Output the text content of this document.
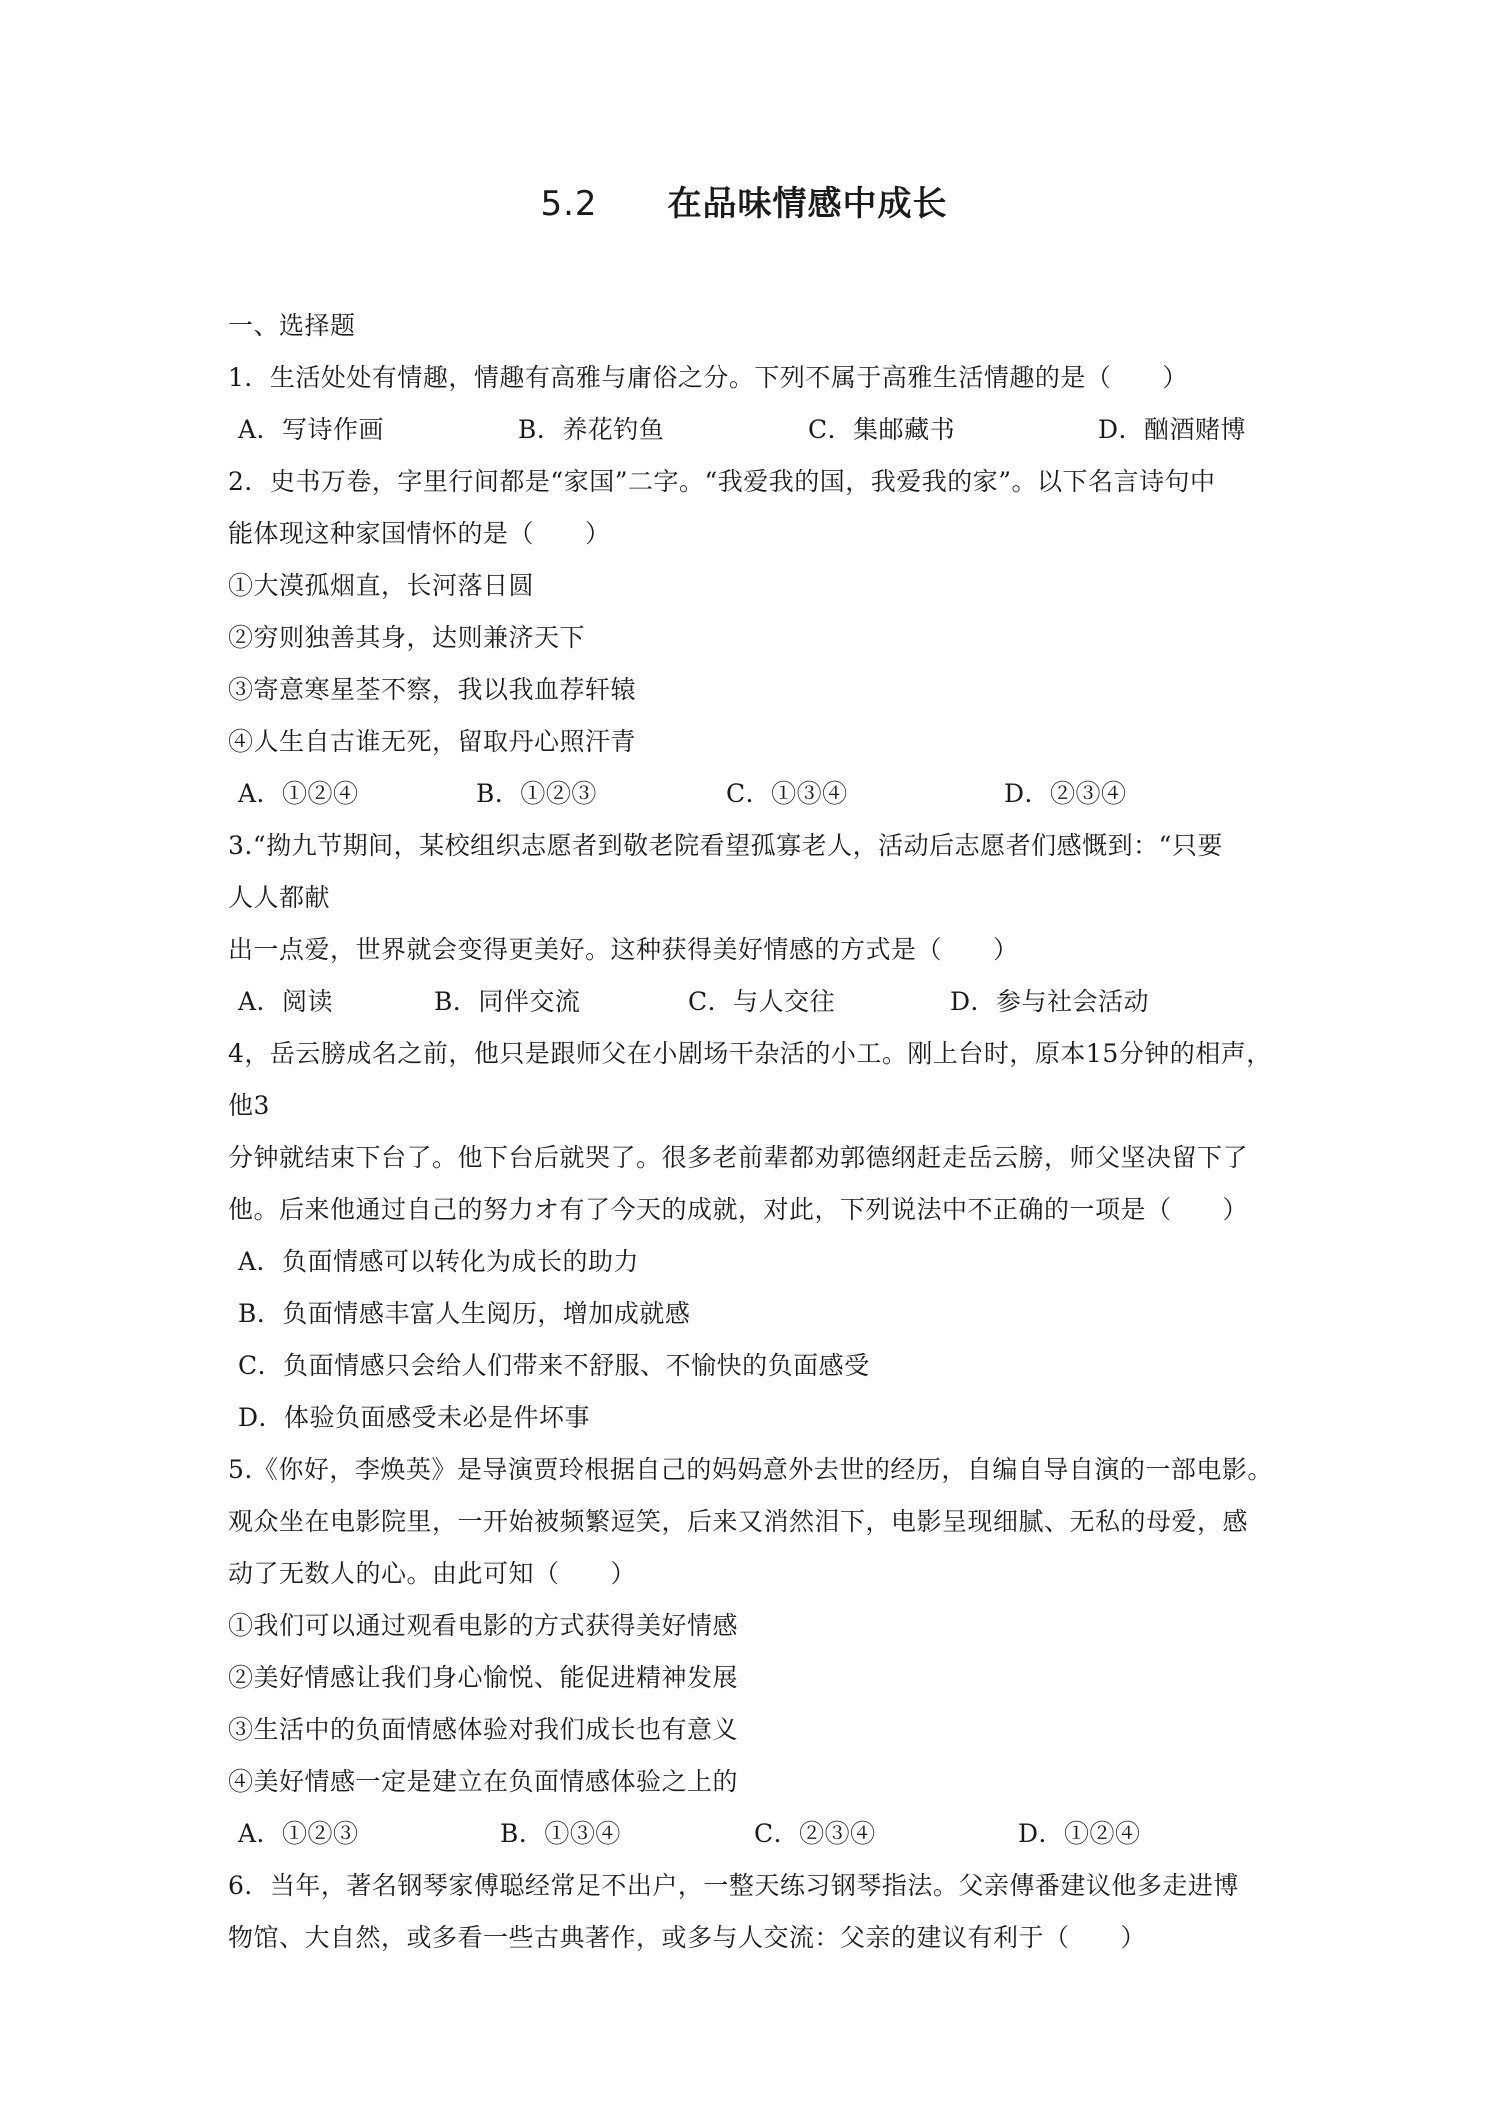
5.2 在品味情感中成长
一、选择题
1．生活处处有情趣，情趣有高雅与庸俗之分。下列不属于高雅生活情趣的是（　　）
A．写诗作画	B．养花钓鱼	C．集邮藏书	D．酗酒赌博
2．史书万卷，字里行间都是“家国”二字。“我爱我的国，我爱我的家”。以下名言诗句中
能体现这种家国情怀的是（　　）
①大漠孤烟直，长河落日圆
②穷则独善其身，达则兼济天下
③寄意寒星荃不察，我以我血荐轩辕
④人生自古谁无死，留取丹心照汗青
A．①②④	B．①②③	C．①③④	D．②③④
3.“拗九节期间，某校组织志愿者到敬老院看望孤寡老人，活动后志愿者们感慨到：“只要
人人都献
出一点爱，世界就会变得更美好。这种获得美好情感的方式是（　　）
A．阅读	B．同伴交流	C．与人交往	D．参与社会活动
4，岳云膀成名之前，他只是跟师父在小剧场干杂活的小工。刚上台时，原本15分钟的相声，
他3
分钟就结束下台了。他下台后就哭了。很多老前辈都劝郭德纲赶走岳云膀，师父坚决留下了
他。后来他通过自己的努力オ有了今天的成就，对此，下列说法中不正确的一项是（　　）
A．负面情感可以转化为成长的助力
B．负面情感丰富人生阅历，增加成就感
C．负面情感只会给人们带来不舒服、不愉快的负面感受
D．体验负面感受未必是件坏事
5.《你好，李焕英》是导演贾玲根据自己的妈妈意外去世的经历，自编自导自演的一部电影。
观众坐在电影院里，一开始被频繁逗笑，后来又消然泪下，电影呈现细腻、无私的母爱，感
动了无数人的心。由此可知（　　）
①我们可以通过观看电影的方式获得美好情感
②美好情感让我们身心愉悦、能促进精神发展
③生活中的负面情感体验对我们成长也有意义
④美好情感一定是建立在负面情感体验之上的
A．①②③	B．①③④	C．②③④	D．①②④
6．当年，著名钢琴家傅聪经常足不出户，一整天练习钢琴指法。父亲傳番建议他多走进博
物馆、大自然，或多看一些古典著作，或多与人交流：父亲的建议有利于（　　）
